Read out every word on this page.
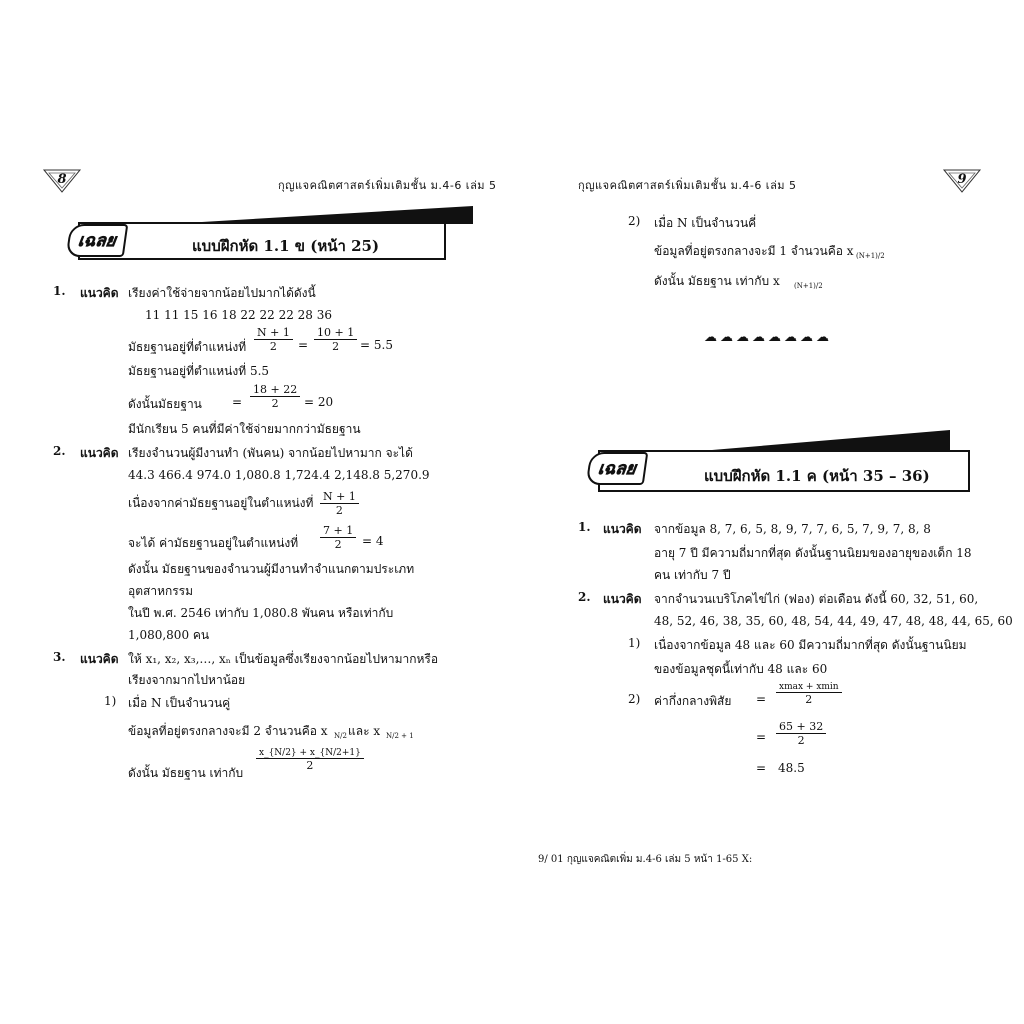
8	กุญแจคณิตศาสตร์เพิ่มเติมชั้น ม.4-6 เล่ม 5
เฉลย	แบบฝึกหัด 1.1 ข (หน้า 25)
1. แนวคิด เรียงค่าใช้จ่ายจากน้อยไปมากได้ดังนี้
11 11 15 16 18 22 22 22 28 36
มัธยฐานอยู่ที่ตำแหน่งที่ $\frac{N + 1}{2} = \frac{10 + 1}{2} = 5.5$
มัธยฐานอยู่ที่ตำแหน่งที่ 5.5
ดังนั้นมัธยฐาน	= $\frac{18 + 22}{2} = 20$
มีนักเรียน 5 คนที่มีค่าใช้จ่ายมากกว่ามัธยฐาน
2. แนวคิด เรียงจำนวนผู้มีงานทำ (พันคน) จากน้อยไปหามาก จะได้
44.3 466.4 974.0 1,080.8 1,724.4 2,148.8 5,270.9
เนื่องจากค่ามัธยฐานอยู่ในตำแหน่งที่ $\frac{N + 1}{2}$
จะได้ ค่ามัธยฐานอยู่ในตำแหน่งที่ $\frac{7 + 1}{2} = 4$
ดังนั้น มัธยฐานของจำนวนผู้มีงานทำจำแนกตามประเภท
อุตสาหกรรม
ในปี พ.ศ. 2546 เท่ากับ 1,080.8 พันคน หรือเท่ากับ
1,080,800 คน
3. แนวคิด ให้ x₁, x₂, x₃,…, xₙ เป็นข้อมูลซึ่งเรียงจากน้อยไปหามากหรือ
เรียงจากมากไปหาน้อย
1) เมื่อ N เป็นจำนวนคู่
ข้อมูลที่อยู่ตรงกลางจะมี 2 จำนวนคือ x N/2 และ x N/2 + 1
ดังนั้น มัธยฐาน เท่ากับ
x_{N/2} + x_{N/2+1}
2
กุญแจคณิตศาสตร์เพิ่มเติมชั้น ม.4-6 เล่ม 5	9
2) เมื่อ N เป็นจำนวนคี่
ข้อมูลที่อยู่ตรงกลางจะมี 1 จำนวนคือ x (N+1)/2
ดังนั้น มัธยฐาน เท่ากับ x (N+1)/2
☁☁☁☁☁☁☁☁
เฉลย	แบบฝึกหัด 1.1 ค (หน้า 35 – 36)
1. แนวคิด จากข้อมูล 8, 7, 6, 5, 8, 9, 7, 7, 6, 5, 7, 9, 7, 8, 8
อายุ 7 ปี มีความถี่มากที่สุด ดังนั้นฐานนิยมของอายุของเด็ก 18
คน เท่ากับ 7 ปี
2. แนวคิด จากจำนวนเบริโภคไข่ไก่ (ฟอง) ต่อเดือน ดังนี้ 60, 32, 51, 60,
48, 52, 46, 38, 35, 60, 48, 54, 44, 49, 47, 48, 48, 44, 65, 60
1) เนื่องจากข้อมูล 48 และ 60 มีความถี่มากที่สุด ดังนั้นฐานนิยม
ของข้อมูลชุดนี้เท่ากับ 48 และ 60
2) ค่ากึ่งกลางพิสัย =
xmax + xmin
2
= $\frac{65 + 32}{2}$
= 48.5
9/ 01 กุญแจคณิตเพิ่ม ม.4-6 เล่ม 5 หน้า 1-65 X:
